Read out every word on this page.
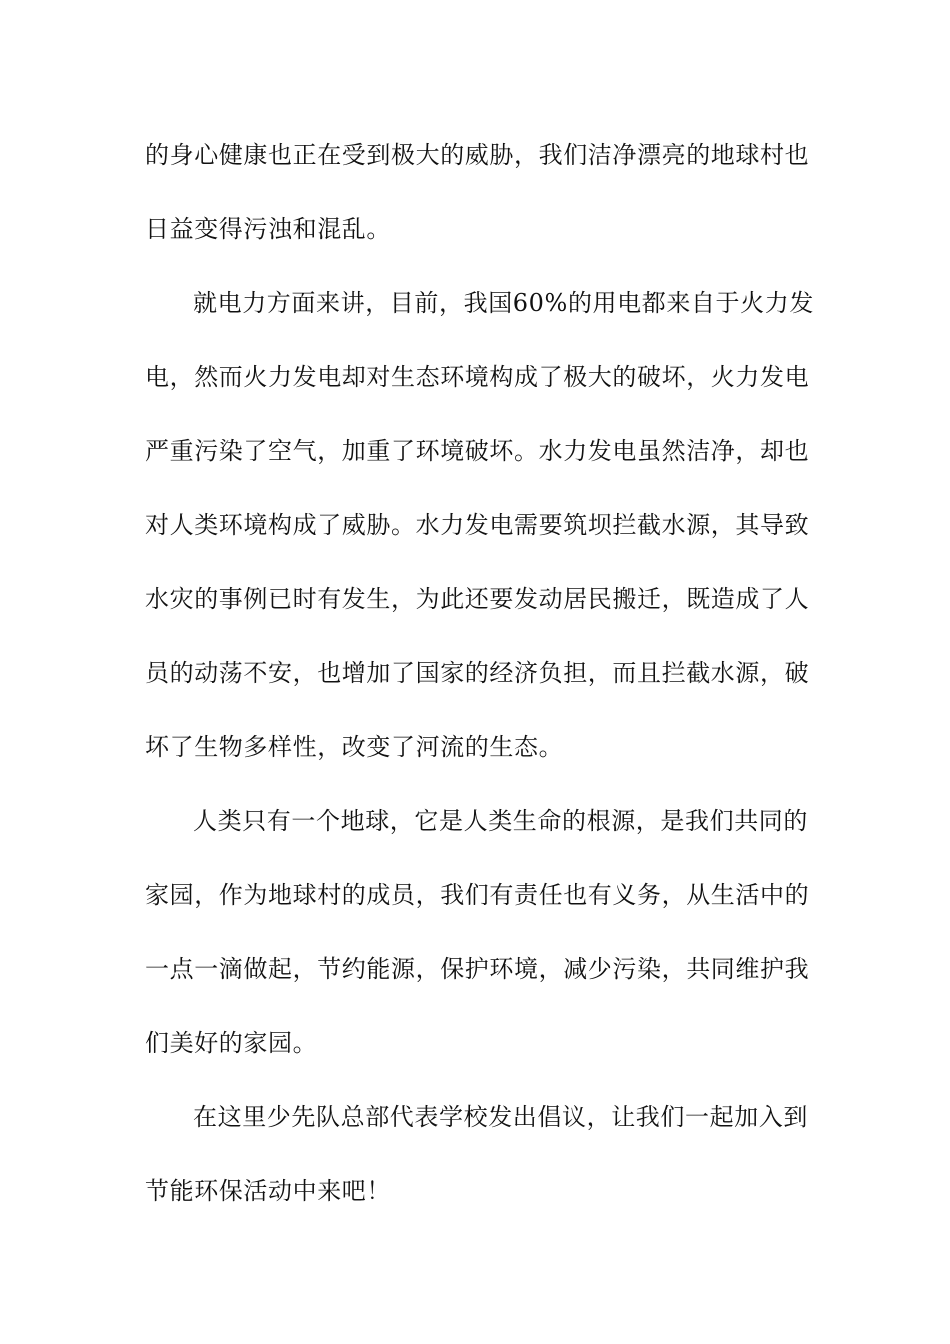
的身心健康也正在受到极大的威胁，我们洁净漂亮的地球村也
日益变得污浊和混乱。
就电力方面来讲，目前，我国60%的用电都来自于火力发
电，然而火力发电却对生态环境构成了极大的破坏，火力发电
严重污染了空气，加重了环境破坏。水力发电虽然洁净，却也
对人类环境构成了威胁。水力发电需要筑坝拦截水源，其导致
水灾的事例已时有发生，为此还要发动居民搬迁，既造成了人
员的动荡不安，也增加了国家的经济负担，而且拦截水源，破
坏了生物多样性，改变了河流的生态。
人类只有一个地球，它是人类生命的根源，是我们共同的
家园，作为地球村的成员，我们有责任也有义务，从生活中的
一点一滴做起，节约能源，保护环境，减少污染，共同维护我
们美好的家园。
在这里少先队总部代表学校发出倡议，让我们一起加入到
节能环保活动中来吧！
